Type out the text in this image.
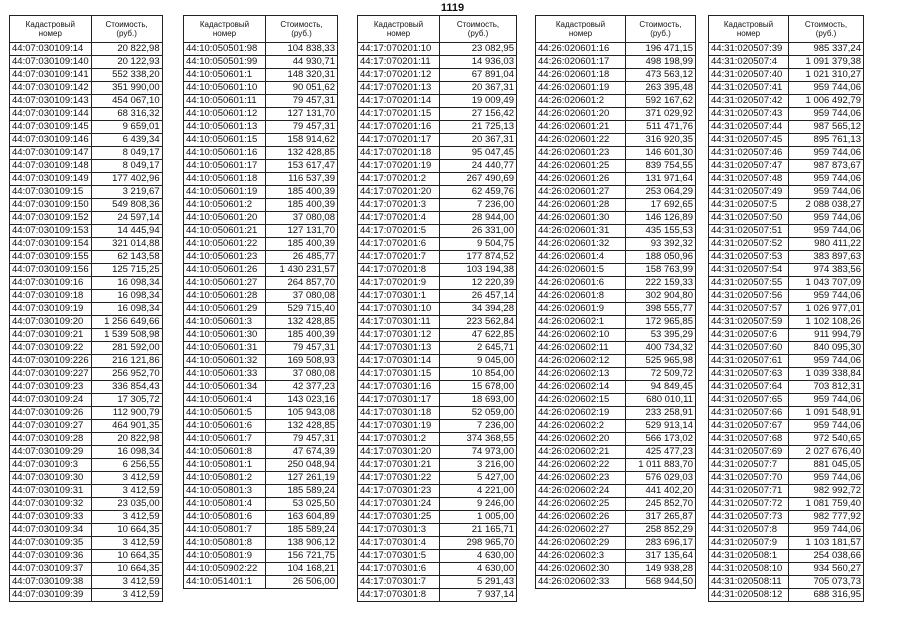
1119
Кадастровый
номер	Стоимость,
(руб.)
44:07:030109:14	20 822,98
44:07:030109:140	20 122,93
44:07:030109:141	552 338,20
44:07:030109:142	351 990,00
44:07:030109:143	454 067,10
44:07:030109:144	68 316,32
44:07:030109:145	9 659,01
44:07:030109:146	6 439,34
44:07:030109:147	8 049,17
44:07:030109:148	8 049,17
44:07:030109:149	177 402,96
44:07:030109:15	3 219,67
44:07:030109:150	549 808,36
44:07:030109:152	24 597,14
44:07:030109:153	14 445,94
44:07:030109:154	321 014,88
44:07:030109:155	62 143,58
44:07:030109:156	125 715,25
44:07:030109:16	16 098,34
44:07:030109:18	16 098,34
44:07:030109:19	16 098,34
44:07:030109:20	1 256 649,66
44:07:030109:21	1 539 508,98
44:07:030109:22	281 592,00
44:07:030109:226	216 121,86
44:07:030109:227	256 952,70
44:07:030109:23	336 854,43
44:07:030109:24	17 305,72
44:07:030109:26	112 900,79
44:07:030109:27	464 901,35
44:07:030109:28	20 822,98
44:07:030109:29	16 098,34
44:07:030109:3	6 256,55
44:07:030109:30	3 412,59
44:07:030109:31	3 412,59
44:07:030109:32	23 035,00
44:07:030109:33	3 412,59
44:07:030109:34	10 664,35
44:07:030109:35	3 412,59
44:07:030109:36	10 664,35
44:07:030109:37	10 664,35
44:07:030109:38	3 412,59
44:07:030109:39	3 412,59
Кадастровый
номер	Стоимость,
(руб.)
44:10:050501:98	104 838,33
44:10:050501:99	44 930,71
44:10:050601:1	148 320,31
44:10:050601:10	90 051,62
44:10:050601:11	79 457,31
44:10:050601:12	127 131,70
44:10:050601:13	79 457,31
44:10:050601:15	158 914,62
44:10:050601:16	132 428,85
44:10:050601:17	153 617,47
44:10:050601:18	116 537,39
44:10:050601:19	185 400,39
44:10:050601:2	185 400,39
44:10:050601:20	37 080,08
44:10:050601:21	127 131,70
44:10:050601:22	185 400,39
44:10:050601:23	26 485,77
44:10:050601:26	1 430 231,57
44:10:050601:27	264 857,70
44:10:050601:28	37 080,08
44:10:050601:29	529 715,40
44:10:050601:3	132 428,85
44:10:050601:30	185 400,39
44:10:050601:31	79 457,31
44:10:050601:32	169 508,93
44:10:050601:33	37 080,08
44:10:050601:34	42 377,23
44:10:050601:4	143 023,16
44:10:050601:5	105 943,08
44:10:050601:6	132 428,85
44:10:050601:7	79 457,31
44:10:050601:8	47 674,39
44:10:050801:1	250 048,94
44:10:050801:2	127 261,19
44:10:050801:3	185 589,24
44:10:050801:4	53 025,50
44:10:050801:6	163 604,89
44:10:050801:7	185 589,24
44:10:050801:8	138 906,12
44:10:050801:9	156 721,75
44:10:050902:22	104 168,21
44:10:051401:1	26 506,00
Кадастровый
номер	Стоимость,
(руб.)
44:17:070201:10	23 082,95
44:17:070201:11	14 936,03
44:17:070201:12	67 891,04
44:17:070201:13	20 367,31
44:17:070201:14	19 009,49
44:17:070201:15	27 156,42
44:17:070201:16	21 725,13
44:17:070201:17	20 367,31
44:17:070201:18	95 047,45
44:17:070201:19	24 440,77
44:17:070201:2	267 490,69
44:17:070201:20	62 459,76
44:17:070201:3	7 236,00
44:17:070201:4	28 944,00
44:17:070201:5	26 331,00
44:17:070201:6	9 504,75
44:17:070201:7	177 874,52
44:17:070201:8	103 194,38
44:17:070201:9	12 220,39
44:17:070301:1	26 457,14
44:17:070301:10	34 394,28
44:17:070301:11	223 562,84
44:17:070301:12	47 622,85
44:17:070301:13	2 645,71
44:17:070301:14	9 045,00
44:17:070301:15	10 854,00
44:17:070301:16	15 678,00
44:17:070301:17	18 693,00
44:17:070301:18	52 059,00
44:17:070301:19	7 236,00
44:17:070301:2	374 368,55
44:17:070301:20	74 973,00
44:17:070301:21	3 216,00
44:17:070301:22	5 427,00
44:17:070301:23	4 221,00
44:17:070301:24	9 246,00
44:17:070301:25	1 005,00
44:17:070301:3	21 165,71
44:17:070301:4	298 965,70
44:17:070301:5	4 630,00
44:17:070301:6	4 630,00
44:17:070301:7	5 291,43
44:17:070301:8	7 937,14
Кадастровый
номер	Стоимость,
(руб.)
44:26:020601:16	196 471,15
44:26:020601:17	498 198,99
44:26:020601:18	473 563,12
44:26:020601:19	263 395,48
44:26:020601:2	592 167,62
44:26:020601:20	371 029,92
44:26:020601:21	511 471,76
44:26:020601:22	316 920,35
44:26:020601:23	146 601,30
44:26:020601:25	839 754,55
44:26:020601:26	131 971,64
44:26:020601:27	253 064,29
44:26:020601:28	17 692,65
44:26:020601:30	146 126,89
44:26:020601:31	435 155,53
44:26:020601:32	93 392,32
44:26:020601:4	188 050,96
44:26:020601:5	158 763,99
44:26:020601:6	222 159,33
44:26:020601:8	302 904,80
44:26:020601:9	398 555,77
44:26:020602:1	172 965,85
44:26:020602:10	53 395,29
44:26:020602:11	400 734,32
44:26:020602:12	525 965,98
44:26:020602:13	72 509,72
44:26:020602:14	94 849,45
44:26:020602:15	680 010,11
44:26:020602:19	233 258,91
44:26:020602:2	529 913,14
44:26:020602:20	566 173,02
44:26:020602:21	425 477,23
44:26:020602:22	1 011 883,70
44:26:020602:23	576 029,03
44:26:020602:24	441 402,20
44:26:020602:25	245 852,70
44:26:020602:26	317 265,87
44:26:020602:27	258 852,29
44:26:020602:29	283 696,17
44:26:020602:3	317 135,64
44:26:020602:30	149 938,28
44:26:020602:33	568 944,50
Кадастровый
номер	Стоимость,
(руб.)
44:31:020507:39	985 337,24
44:31:020507:4	1 091 379,38
44:31:020507:40	1 021 310,27
44:31:020507:41	959 744,06
44:31:020507:42	1 006 492,79
44:31:020507:43	959 744,06
44:31:020507:44	987 565,12
44:31:020507:45	895 761,13
44:31:020507:46	959 744,06
44:31:020507:47	987 873,67
44:31:020507:48	959 744,06
44:31:020507:49	959 744,06
44:31:020507:5	2 088 038,27
44:31:020507:50	959 744,06
44:31:020507:51	959 744,06
44:31:020507:52	980 411,22
44:31:020507:53	383 897,63
44:31:020507:54	974 383,56
44:31:020507:55	1 043 707,09
44:31:020507:56	959 744,06
44:31:020507:57	1 026 977,01
44:31:020507:59	1 102 108,26
44:31:020507:6	911 994,79
44:31:020507:60	840 095,30
44:31:020507:61	959 744,06
44:31:020507:63	1 039 338,84
44:31:020507:64	703 812,31
44:31:020507:65	959 744,06
44:31:020507:66	1 091 548,91
44:31:020507:67	959 744,06
44:31:020507:68	972 540,65
44:31:020507:69	2 027 676,40
44:31:020507:7	881 045,05
44:31:020507:70	959 744,06
44:31:020507:71	982 992,72
44:31:020507:72	1 081 759,40
44:31:020507:73	982 777,92
44:31:020507:8	959 744,06
44:31:020507:9	1 103 181,57
44:31:020508:1	254 038,66
44:31:020508:10	934 560,27
44:31:020508:11	705 073,73
44:31:020508:12	688 316,95
